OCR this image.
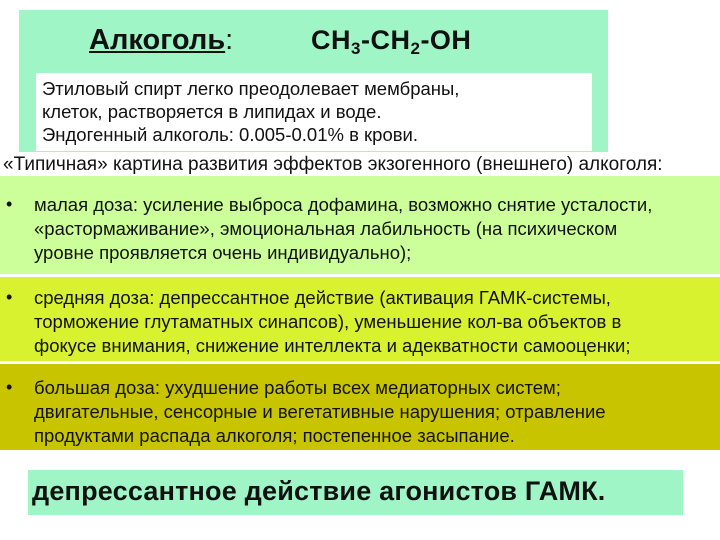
Алкоголь:	$CH_3-CH_2-OH$
Этиловый спирт легко преодолевает мембраны,
клеток, растворяется в липидах и воде.
Эндогенный алкоголь: 0.005-0.01% в крови.
«Типичная» картина развития эффектов экзогенного (внешнего) алкоголя:
• малая доза: усиление выброса дофамина, возможно снятие усталости,
«растормаживание», эмоциональная лабильность (на психическом
уровне проявляется очень индивидуально);
• средняя доза: депрессантное действие (активация ГАМК-системы,
торможение глутаматных синапсов), уменьшение кол-ва объектов в
фокусе внимания, снижение интеллекта и адекватности самооценки;
• большая доза: ухудшение работы всех медиаторных систем;
двигательные, сенсорные и вегетативные нарушения; отравление
продуктами распада алкоголя; постепенное засыпание.
депрессантное действие агонистов ГАМК.
